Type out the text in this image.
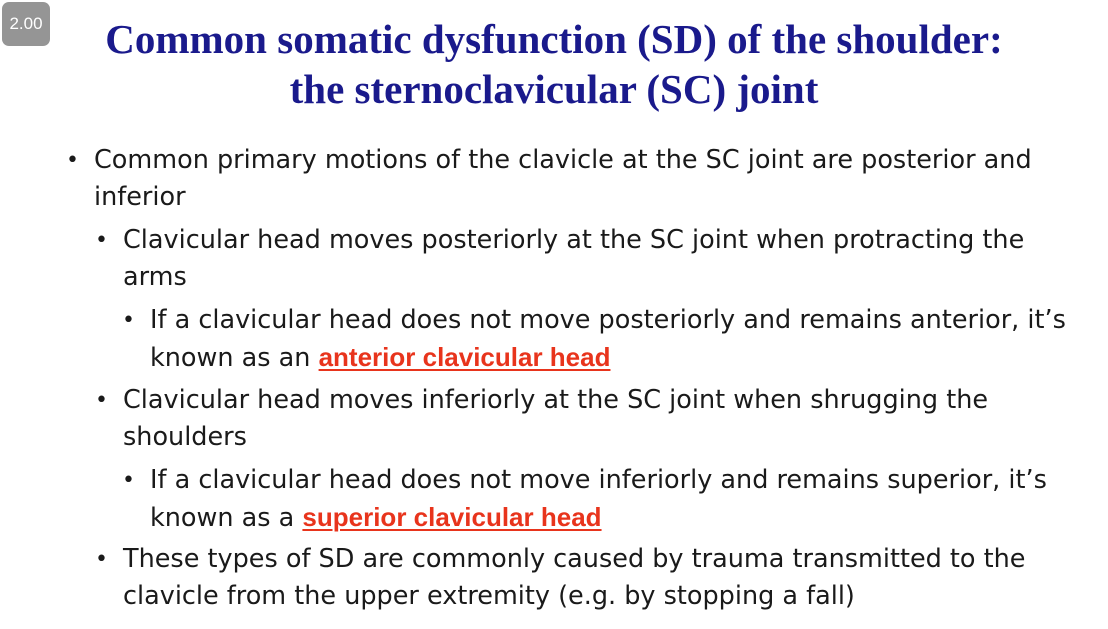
2.00	Common somatic dysfunction (SD) of the shoulder:
the sternoclavicular (SC) joint
• Common primary motions of the clavicle at the SC joint are posterior and inferior
• Clavicular head moves posteriorly at the SC joint when protracting the arms
• If a clavicular head does not move posteriorly and remains anterior, it’s known as an anterior clavicular head
• Clavicular head moves inferiorly at the SC joint when shrugging the shoulders
• If a clavicular head does not move inferiorly and remains superior, it’s known as a superior clavicular head
• These types of SD are commonly caused by trauma transmitted to the clavicle from the upper extremity (e.g. by stopping a fall)
